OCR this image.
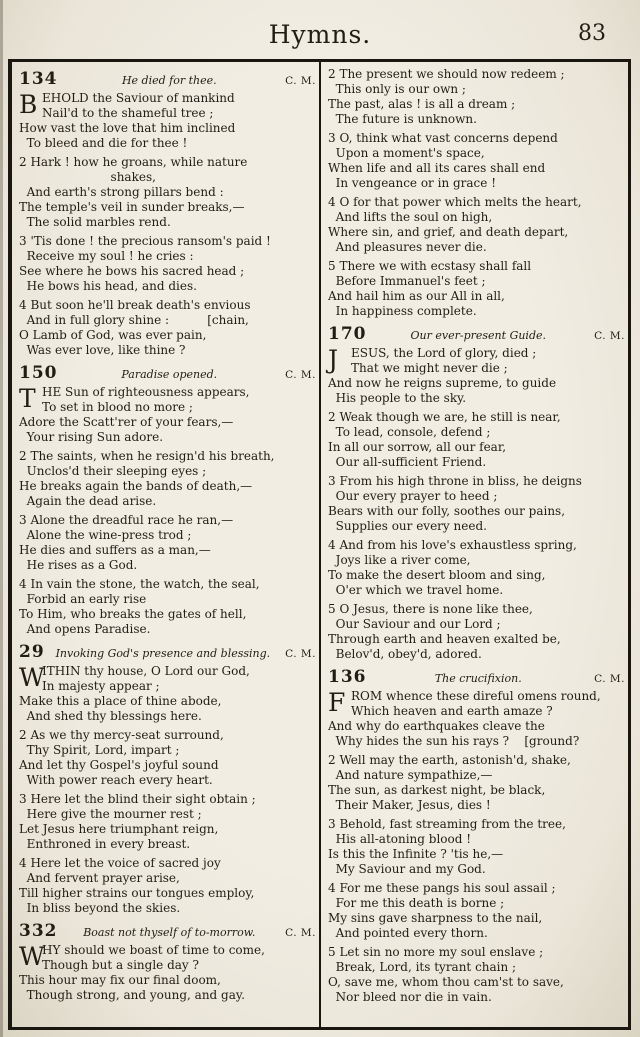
Hymns.	83
134	He died for thee.	C. M.
B EHOLD the Saviour of mankind
Nail'd to the shameful tree ;
How vast the love that him inclined
To bleed and die for thee !
2 Hark ! how he groans, while nature
shakes,
And earth's strong pillars bend :
The temple's veil in sunder breaks,—
The solid marbles rend.
3 'Tis done ! the precious ransom's paid !
Receive my soul ! he cries :
See where he bows his sacred head ;
He bows his head, and dies.
4 But soon he'll break death's envious
And in full glory shine :          [chain,
O Lamb of God, was ever pain,
Was ever love, like thine ?
150	Paradise opened.	C. M.
T HE Sun of righteousness appears,
To set in blood no more ;
Adore the Scatt'rer of your fears,—
Your rising Sun adore.
2 The saints, when he resign'd his breath,
Unclos'd their sleeping eyes ;
He breaks again the bands of death,—
Again the dead arise.
3 Alone the dreadful race he ran,—
Alone the wine-press trod ;
He dies and suffers as a man,—
He rises as a God.
4 In vain the stone, the watch, the seal,
Forbid an early rise
To Him, who breaks the gates of hell,
And opens Paradise.
29 Invoking God's presence and blessing.	C. M.
W
ITHIN thy house, O Lord our God,
In majesty appear ;
Make this a place of thine abode,
And shed thy blessings here.
2 As we thy mercy-seat surround,
Thy Spirit, Lord, impart ;
And let thy Gospel's joyful sound
With power reach every heart.
3 Here let the blind their sight obtain ;
Here give the mourner rest ;
Let Jesus here triumphant reign,
Enthroned in every breast.
4 Here let the voice of sacred joy
And fervent prayer arise,
Till higher strains our tongues employ,
In bliss beyond the skies.
332	Boast not thyself of to-morrow.	C. M.
W
HY should we boast of time to come,
Though but a single day ?
This hour may fix our final doom,
Though strong, and young, and gay.
2 The present we should now redeem ;
This only is our own ;
The past, alas ! is all a dream ;
The future is unknown.
3 O, think what vast concerns depend
Upon a moment's space,
When life and all its cares shall end
In vengeance or in grace !
4 O for that power which melts the heart,
And lifts the soul on high,
Where sin, and grief, and death depart,
And pleasures never die.
5 There we with ecstasy shall fall
Before Immanuel's feet ;
And hail him as our All in all,
In happiness complete.
170	Our ever-present Guide.	C. M.
J ESUS, the Lord of glory, died ;
That we might never die ;
And now he reigns supreme, to guide
His people to the sky.
2 Weak though we are, he still is near,
To lead, console, defend ;
In all our sorrow, all our fear,
Our all-sufficient Friend.
3 From his high throne in bliss, he deigns
Our every prayer to heed ;
Bears with our folly, soothes our pains,
Supplies our every need.
4 And from his love's exhaustless spring,
Joys like a river come,
To make the desert bloom and sing,
O'er which we travel home.
5 O Jesus, there is none like thee,
Our Saviour and our Lord ;
Through earth and heaven exalted be,
Belov'd, obey'd, adored.
136	The crucifixion.	C. M.
F ROM whence these direful omens round,
Which heaven and earth amaze ?
And why do earthquakes cleave the
Why hides the sun his rays ?    [ground?
2 Well may the earth, astonish'd, shake,
And nature sympathize,—
The sun, as darkest night, be black,
Their Maker, Jesus, dies !
3 Behold, fast streaming from the tree,
His all-atoning blood !
Is this the Infinite ? 'tis he,—
My Saviour and my God.
4 For me these pangs his soul assail ;
For me this death is borne ;
My sins gave sharpness to the nail,
And pointed every thorn.
5 Let sin no more my soul enslave ;
Break, Lord, its tyrant chain ;
O, save me, whom thou cam'st to save,
Nor bleed nor die in vain.
